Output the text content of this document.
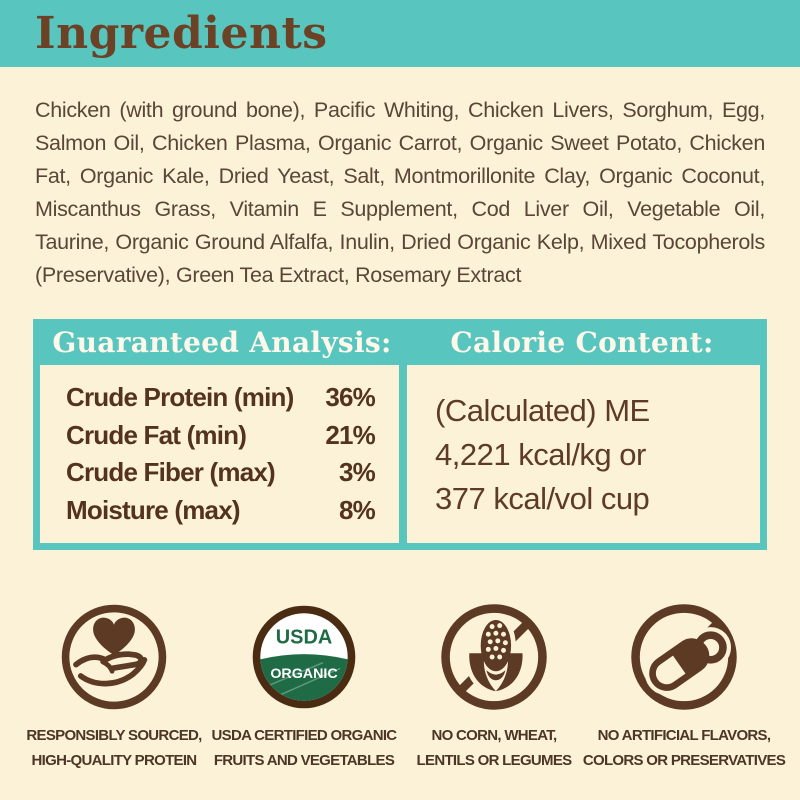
Ingredients
Chicken (with ground bone), Pacific Whiting, Chicken Livers, Sorghum, Egg, Salmon Oil, Chicken Plasma, Organic Carrot, Organic Sweet Potato, Chicken Fat, Organic Kale, Dried Yeast, Salt, Montmorillonite Clay, Organic Coconut, Miscanthus Grass, Vitamin E Supplement, Cod Liver Oil, Vegetable Oil, Taurine, Organic Ground Alfalfa, Inulin, Dried Organic Kelp, Mixed Tocopherols (Preservative), Green Tea Extract, Rosemary Extract
Guaranteed Analysis:	Calorie Content:
Crude Protein (min) 36%
Crude Fat (min)	21%
Crude Fiber (max) 3%
Moisture (max)	8%
(Calculated) ME
4,221 kcal/kg or
377 kcal/vol cup
RESPONSIBLY SOURCED,
HIGH-QUALITY PROTEIN
USDA
ORGANIC
USDA CERTIFIED ORGANIC
FRUITS AND VEGETABLES
NO CORN, WHEAT,
LENTILS OR LEGUMES
NO ARTIFICIAL FLAVORS,
COLORS OR PRESERVATIVES
